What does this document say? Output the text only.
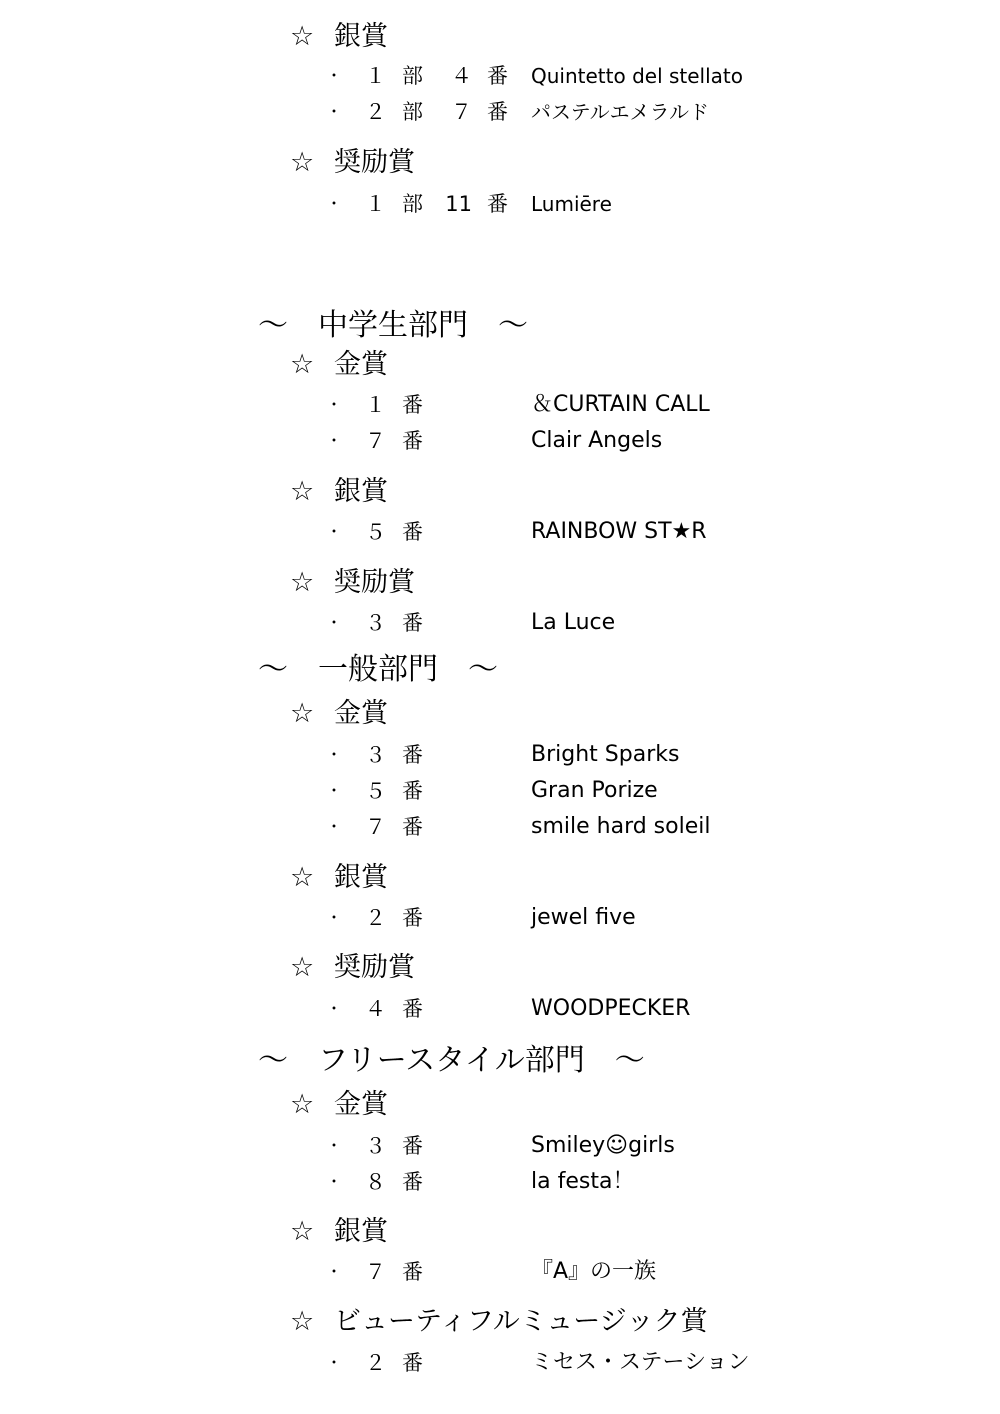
☆ 銀賞
・ １ 部	４ 番 Quintetto del stellato
・ ２ 部	７ 番 パステルエメラルド
☆ 奨励賞
・ １ 部 11 番 Lumiēre
～　中学生部門　～
☆ 金賞
・ １ 番	＆CURTAIN CALL
・ ７ 番	Clair Angels
☆ 銀賞
・ ５ 番	RAINBOW ST★R
☆ 奨励賞
・ ３ 番	La Luce
～　一般部門　～
☆ 金賞
・ ３ 番	Bright Sparks
・ ５ 番	Gran Porize
・ ７ 番	smile hard soleil
☆ 銀賞
・ ２ 番	jewel five
☆ 奨励賞
・ ４ 番	WOODPECKER
～　フリースタイル部門　～
☆ 金賞
・ ３ 番	Smiley☺girls
・ ８ 番	la festa！
☆ 銀賞
・ ７ 番	『A』の一族
☆ ビューティフルミュージック賞
・ ２ 番	ミセス・ステーション
